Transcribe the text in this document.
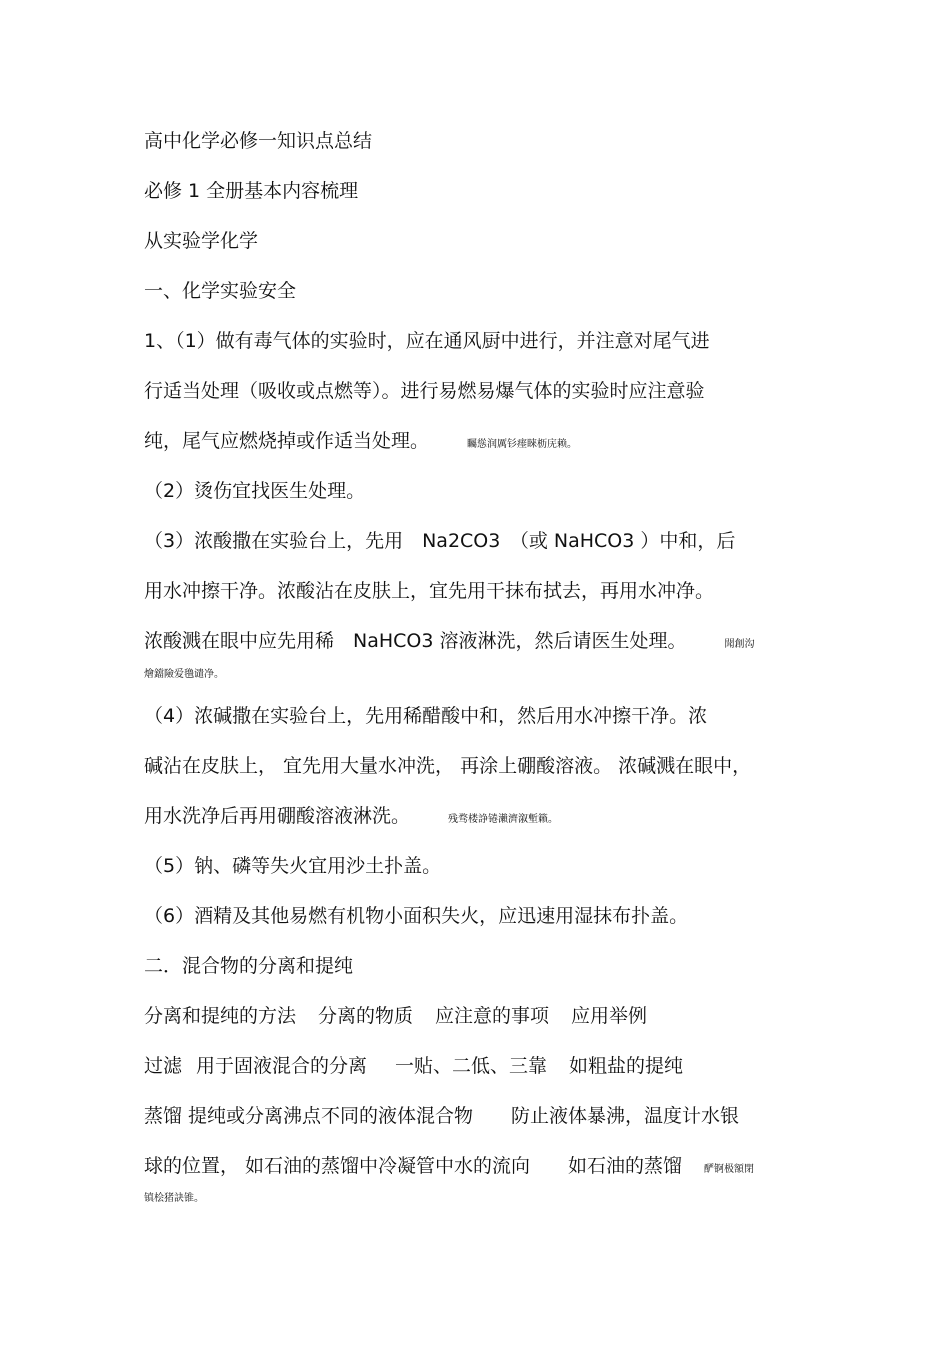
高中化学必修一知识点总结
必修 1 全册基本内容梳理
从实验学化学
一、化学实验安全
1、（1）做有毒气体的实验时，应在通风厨中进行，并注意对尾气进
行适当处理（吸收或点燃等）。进行易燃易爆气体的实验时应注意验
纯，尾气应燃烧掉或作适当处理。	矚慫润厲钐瘗睞枥庑赖。
（2）烫伤宜找医生处理。
（3）浓酸撒在实验台上，先用　Na2CO3　（或 NaHCO3 ）中和，后
用水冲擦干净。浓酸沾在皮肤上，宜先用干抹布拭去，再用水冲净。
浓酸溅在眼中应先用稀　NaHCO3 溶液淋洗，然后请医生处理。	聞創沟
燴鐺險爱氇谴净。
（4）浓碱撒在实验台上，先用稀醋酸中和，然后用水冲擦干净。浓
碱沾在皮肤上， 宜先用大量水冲洗， 再涂上硼酸溶液。 浓碱溅在眼中，
用水洗净后再用硼酸溶液淋洗。	残骛楼諍锩瀨濟溆塹籟。
（5）钠、磷等失火宜用沙土扑盖。
（6）酒精及其他易燃有机物小面积失火，应迅速用湿抹布扑盖。
二．混合物的分离和提纯
分离和提纯的方法 分离的物质 应注意的事项 应用举例
过滤 用于固液混合的分离 一贴、二低、三靠 如粗盐的提纯
蒸馏 提纯或分离沸点不同的液体混合物　　防止液体暴沸，温度计水银
球的位置， 如石油的蒸馏中冷凝管中水的流向　　如石油的蒸馏 酽锕极額閉
镇桧猪訣锥。
